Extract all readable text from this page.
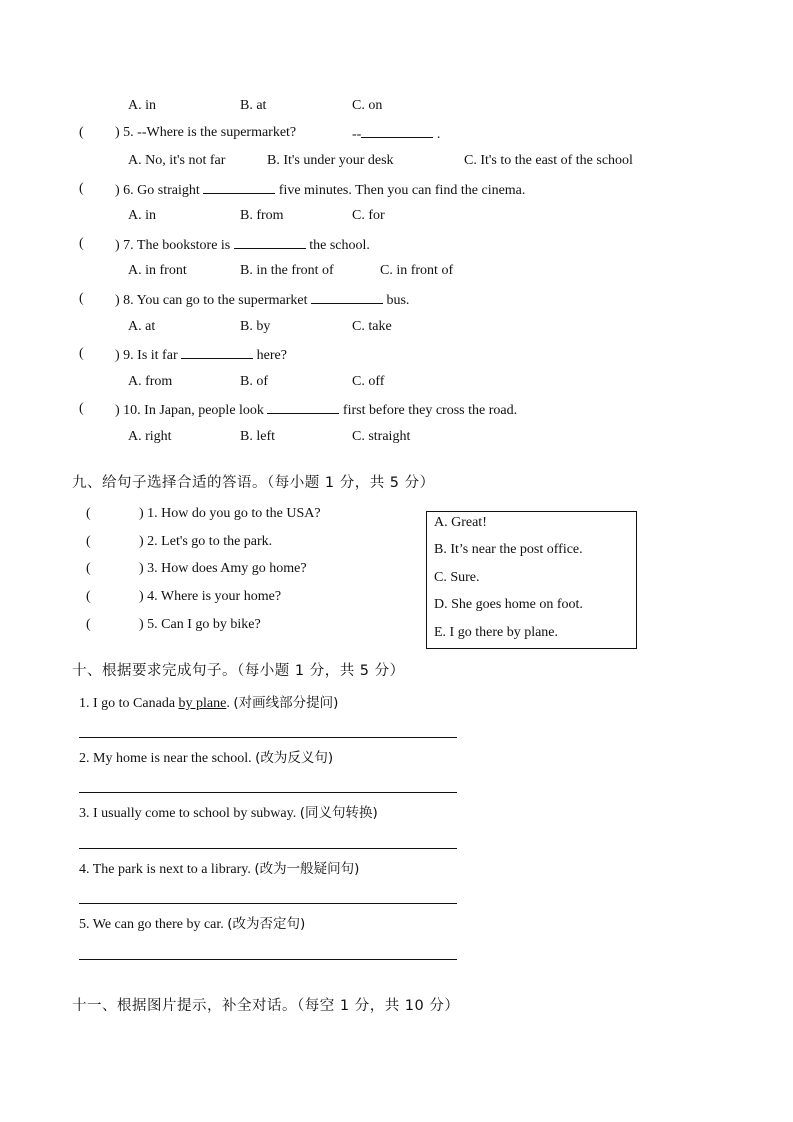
A. in	B. at	C. on
( ) 5. --Where is the supermarket?	--	.
A. No, it's not far	B. It's under your desk	C. It's to the east of the school
( ) 6. Go straight	five minutes. Then you can find the cinema.
A. in	B. from	C. for
( ) 7. The bookstore is	the school.
A. in front	B. in the front of	C. in front of
( ) 8. You can go to the supermarket	bus.
A. at	B. by	C. take
( ) 9. Is it far	here?
A. from	B. of	C. off
( ) 10. In Japan, people look	first before they cross the road.
A. right	B. left	C. straight
九、给句子选择合适的答语。（每小题 1 分，共 5 分）
(	) 1. How do you go to the USA?
(	) 2. Let's go to the park.
(	) 3. How does Amy go home?
(	) 4. Where is your home?
(	) 5. Can I go by bike?
A. Great!
B. It’s near the post office.
C. Sure.
D. She goes home on foot.
E. I go there by plane.
十、根据要求完成句子。（每小题 1 分，共 5 分）
1. I go to Canada by plane. (对画线部分提问)
2. My home is near the school. (改为反义句)
3. I usually come to school by subway. (同义句转换)
4. The park is next to a library. (改为一般疑问句)
5. We can go there by car. (改为否定句)
十一、根据图片提示，补全对话。（每空 1 分，共 10 分）
